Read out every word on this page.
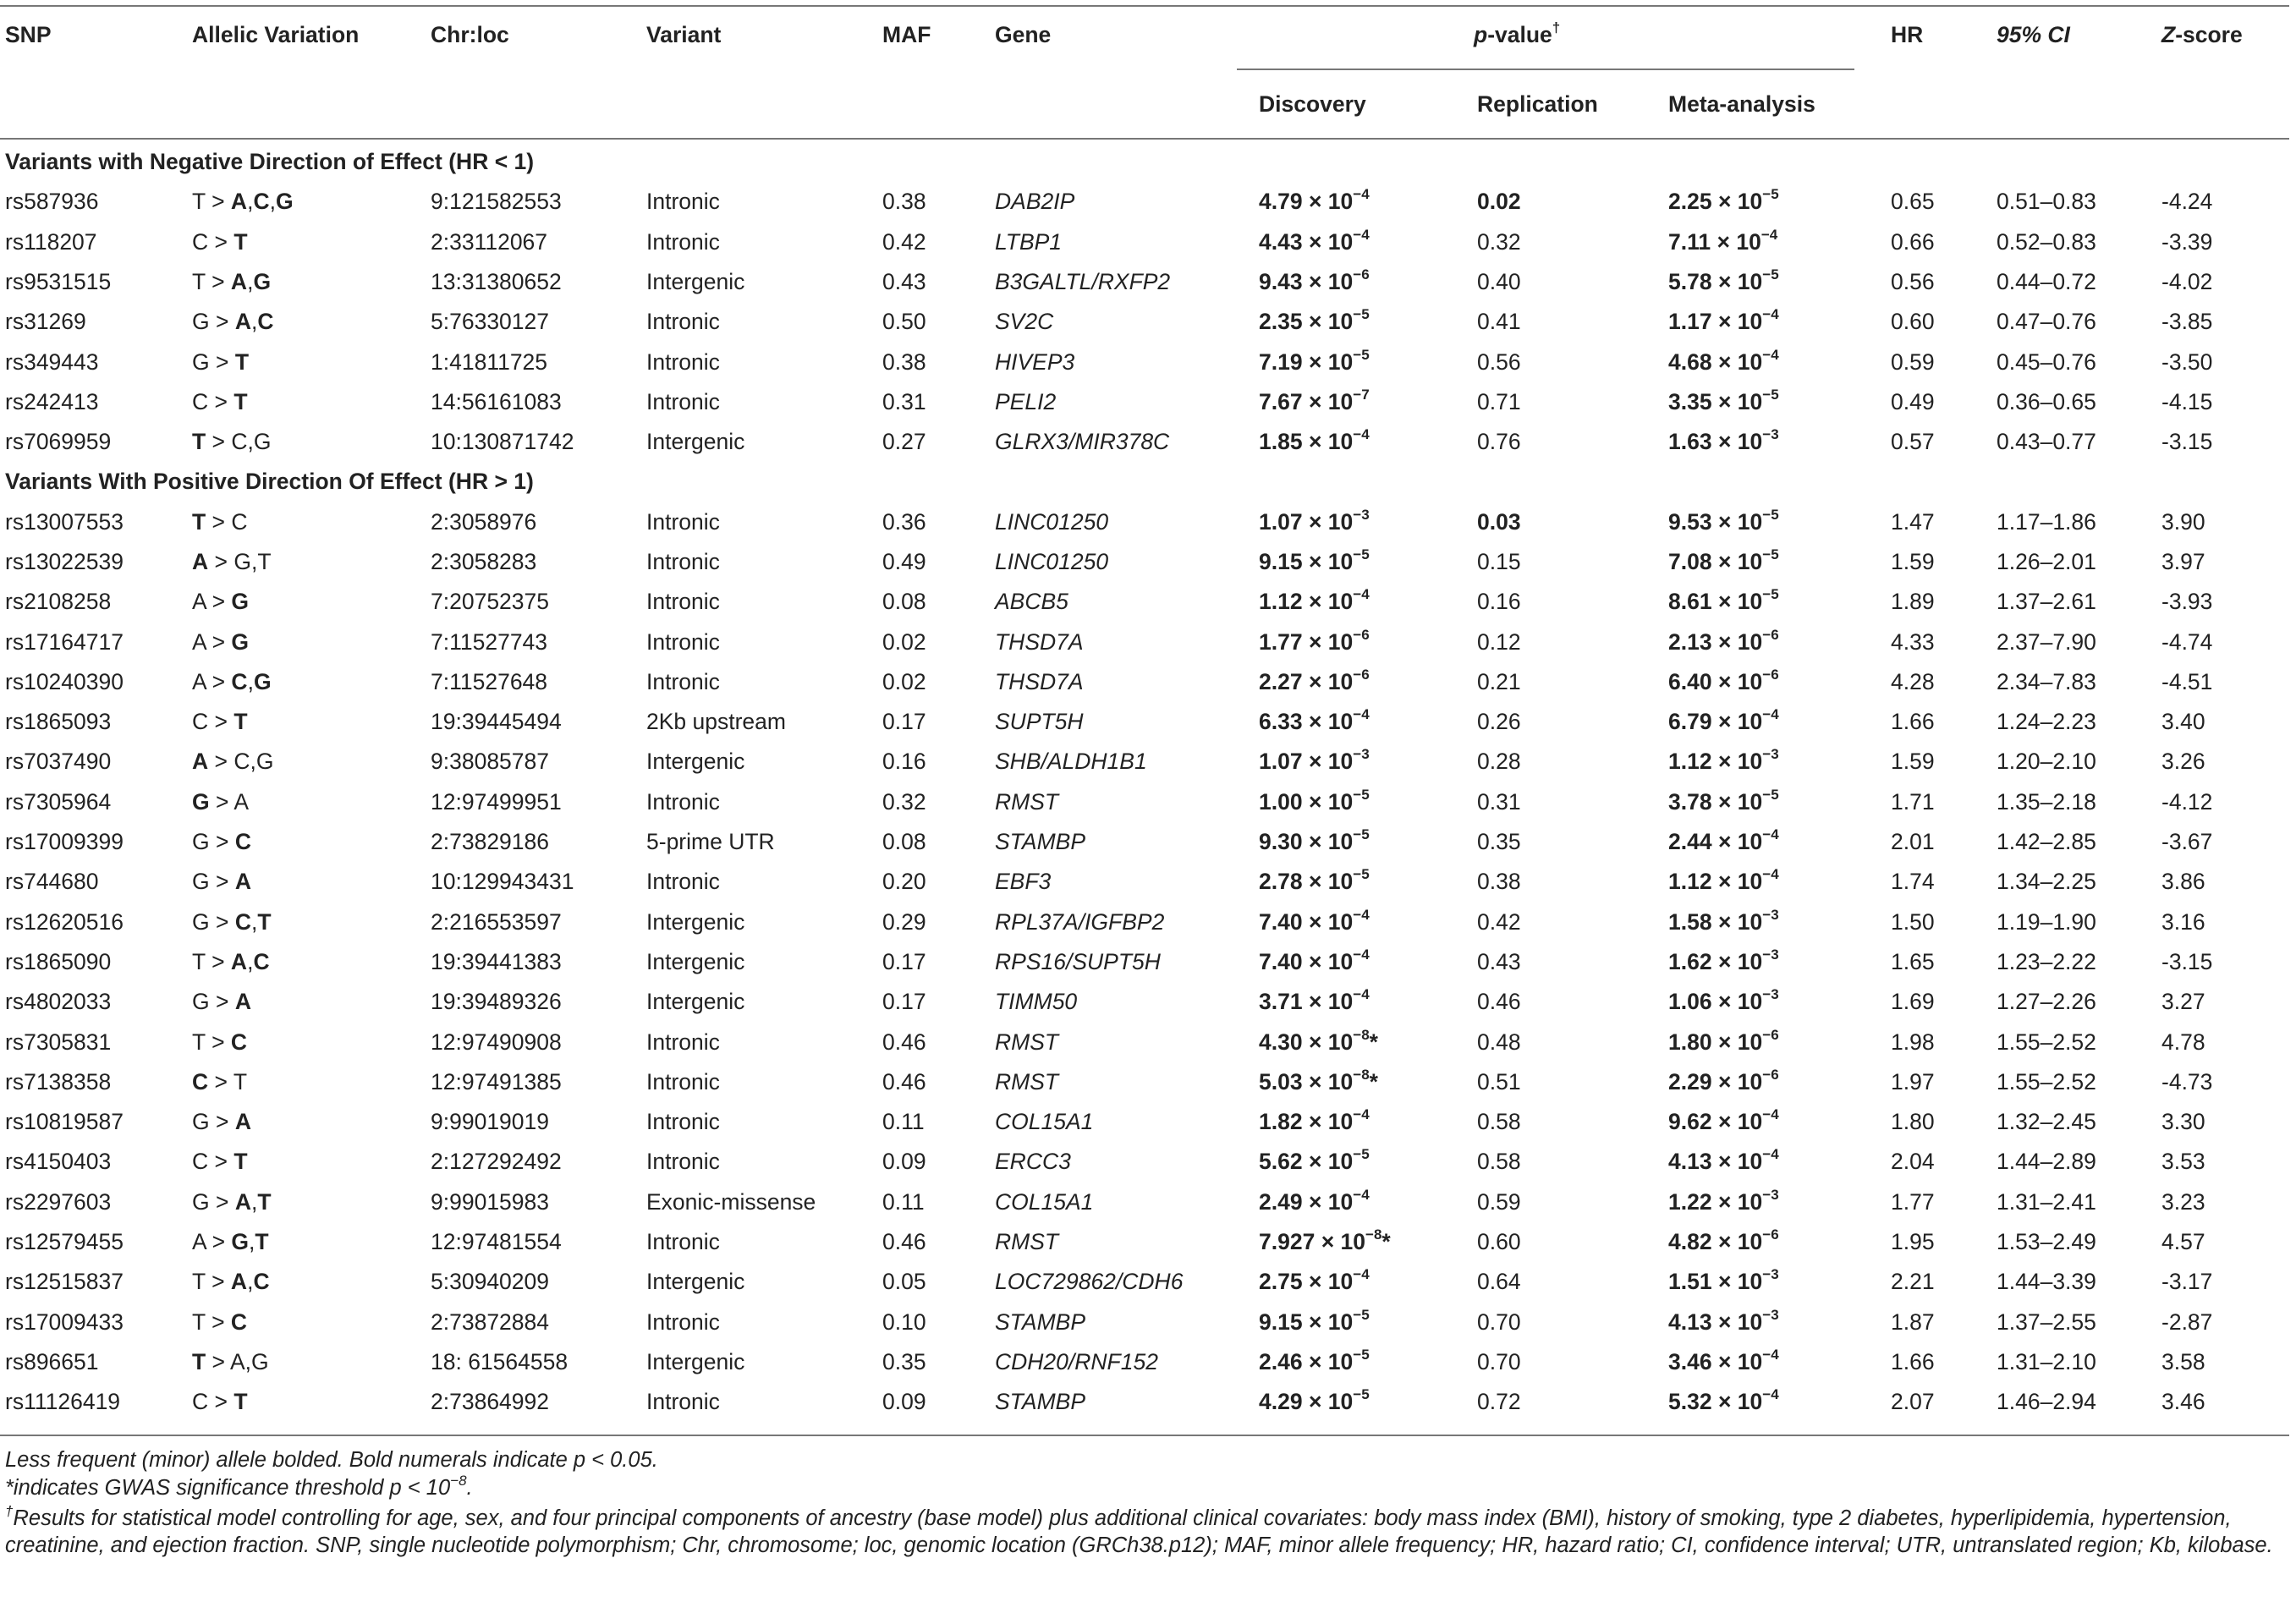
SNP	Allelic Variation	Chr:loc	Variant	MAF	Gene	p-value†	HR	95% CI	Z-score
Discovery	Replication	Meta-analysis
Variants with Negative Direction of Effect (HR < 1)
rs587936	T > A,C,G	9:121582553	Intronic	0.38	DAB2IP	$4.79 \times 10^{-4}$	0.02	$2.25 \times 10^{-5}$	0.65	0.51–0.83	-4.24
rs118207	C > T	2:33112067	Intronic	0.42	LTBP1	$4.43 \times 10^{-4}$	0.32	$7.11 \times 10^{-4}$	0.66	0.52–0.83	-3.39
rs9531515	T > A,G	13:31380652	Intergenic	0.43	B3GALTL/RXFP2	$9.43 \times 10^{-6}$	0.40	$5.78 \times 10^{-5}$	0.56	0.44–0.72	-4.02
rs31269	G > A,C	5:76330127	Intronic	0.50	SV2C	$2.35 \times 10^{-5}$	0.41	$1.17 \times 10^{-4}$	0.60	0.47–0.76	-3.85
rs349443	G > T	1:41811725	Intronic	0.38	HIVEP3	$7.19 \times 10^{-5}$	0.56	$4.68 \times 10^{-4}$	0.59	0.45–0.76	-3.50
rs242413	C > T	14:56161083	Intronic	0.31	PELI2	$7.67 \times 10^{-7}$	0.71	$3.35 \times 10^{-5}$	0.49	0.36–0.65	-4.15
rs7069959	T > C,G	10:130871742	Intergenic	0.27	GLRX3/MIR378C	$1.85 \times 10^{-4}$	0.76	$1.63 \times 10^{-3}$	0.57	0.43–0.77	-3.15
Variants With Positive Direction Of Effect (HR > 1)
rs13007553	T > C	2:3058976	Intronic	0.36	LINC01250	$1.07 \times 10^{-3}$	0.03	$9.53 \times 10^{-5}$	1.47	1.17–1.86	3.90
rs13022539	A > G,T	2:3058283	Intronic	0.49	LINC01250	$9.15 \times 10^{-5}$	0.15	$7.08 \times 10^{-5}$	1.59	1.26–2.01	3.97
rs2108258	A > G	7:20752375	Intronic	0.08	ABCB5	$1.12 \times 10^{-4}$	0.16	$8.61 \times 10^{-5}$	1.89	1.37–2.61	-3.93
rs17164717	A > G	7:11527743	Intronic	0.02	THSD7A	$1.77 \times 10^{-6}$	0.12	$2.13 \times 10^{-6}$	4.33	2.37–7.90	-4.74
rs10240390	A > C,G	7:11527648	Intronic	0.02	THSD7A	$2.27 \times 10^{-6}$	0.21	$6.40 \times 10^{-6}$	4.28	2.34–7.83	-4.51
rs1865093	C > T	19:39445494	2Kb upstream	0.17	SUPT5H	$6.33 \times 10^{-4}$	0.26	$6.79 \times 10^{-4}$	1.66	1.24–2.23	3.40
rs7037490	A > C,G	9:38085787	Intergenic	0.16	SHB/ALDH1B1	$1.07 \times 10^{-3}$	0.28	$1.12 \times 10^{-3}$	1.59	1.20–2.10	3.26
rs7305964	G > A	12:97499951	Intronic	0.32	RMST	$1.00 \times 10^{-5}$	0.31	$3.78 \times 10^{-5}$	1.71	1.35–2.18	-4.12
rs17009399	G > C	2:73829186	5-prime UTR	0.08	STAMBP	$9.30 \times 10^{-5}$	0.35	$2.44 \times 10^{-4}$	2.01	1.42–2.85	-3.67
rs744680	G > A	10:129943431	Intronic	0.20	EBF3	$2.78 \times 10^{-5}$	0.38	$1.12 \times 10^{-4}$	1.74	1.34–2.25	3.86
rs12620516	G > C,T	2:216553597	Intergenic	0.29	RPL37A/IGFBP2	$7.40 \times 10^{-4}$	0.42	$1.58 \times 10^{-3}$	1.50	1.19–1.90	3.16
rs1865090	T > A,C	19:39441383	Intergenic	0.17	RPS16/SUPT5H	$7.40 \times 10^{-4}$	0.43	$1.62 \times 10^{-3}$	1.65	1.23–2.22	-3.15
rs4802033	G > A	19:39489326	Intergenic	0.17	TIMM50	$3.71 \times 10^{-4}$	0.46	$1.06 \times 10^{-3}$	1.69	1.27–2.26	3.27
rs7305831	T > C	12:97490908	Intronic	0.46	RMST	$4.30 \times 10^{-8}*$	0.48	$1.80 \times 10^{-6}$	1.98	1.55–2.52	4.78
rs7138358	C > T	12:97491385	Intronic	0.46	RMST	$5.03 \times 10^{-8}*$	0.51	$2.29 \times 10^{-6}$	1.97	1.55–2.52	-4.73
rs10819587	G > A	9:99019019	Intronic	0.11	COL15A1	$1.82 \times 10^{-4}$	0.58	$9.62 \times 10^{-4}$	1.80	1.32–2.45	3.30
rs4150403	C > T	2:127292492	Intronic	0.09	ERCC3	$5.62 \times 10^{-5}$	0.58	$4.13 \times 10^{-4}$	2.04	1.44–2.89	3.53
rs2297603	G > A,T	9:99015983	Exonic-missense	0.11	COL15A1	$2.49 \times 10^{-4}$	0.59	$1.22 \times 10^{-3}$	1.77	1.31–2.41	3.23
rs12579455	A > G,T	12:97481554	Intronic	0.46	RMST	$7.927 \times 10^{-8}*$	0.60	$4.82 \times 10^{-6}$	1.95	1.53–2.49	4.57
rs12515837	T > A,C	5:30940209	Intergenic	0.05	LOC729862/CDH6	$2.75 \times 10^{-4}$	0.64	$1.51 \times 10^{-3}$	2.21	1.44–3.39	-3.17
rs17009433	T > C	2:73872884	Intronic	0.10	STAMBP	$9.15 \times 10^{-5}$	0.70	$4.13 \times 10^{-3}$	1.87	1.37–2.55	-2.87
rs896651	T > A,G	18: 61564558	Intergenic	0.35	CDH20/RNF152	$2.46 \times 10^{-5}$	0.70	$3.46 \times 10^{-4}$	1.66	1.31–2.10	3.58
rs11126419	C > T	2:73864992	Intronic	0.09	STAMBP	$4.29 \times 10^{-5}$	0.72	$5.32 \times 10^{-4}$	2.07	1.46–2.94	3.46
Less frequent (minor) allele bolded. Bold numerals indicate p < 0.05.
*indicates GWAS significance threshold $p < 10^{-8}$.
†Results for statistical model controlling for age, sex, and four principal components of ancestry (base model) plus additional clinical covariates: body mass index (BMI), history of smoking, type 2 diabetes, hyperlipidemia, hypertension, creatinine, and ejection fraction. SNP, single nucleotide polymorphism; Chr, chromosome; loc, genomic location (GRCh38.p12); MAF, minor allele frequency; HR, hazard ratio; CI, confidence interval; UTR, untranslated region; Kb, kilobase.
